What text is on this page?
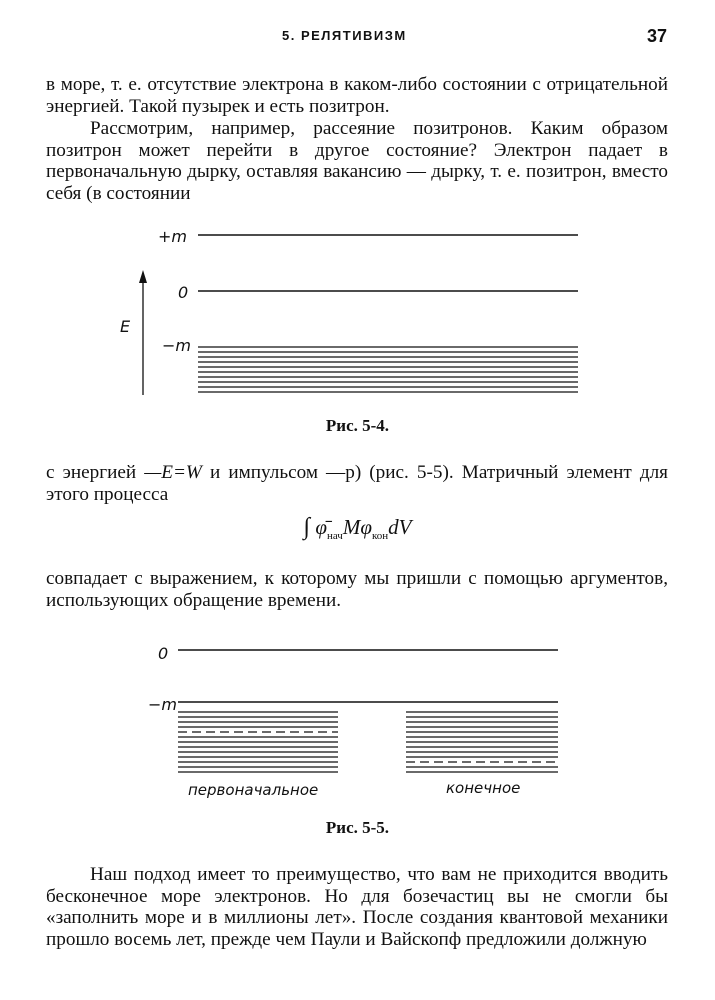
5. РЕЛЯТИВИЗМ	37

в море, т. е. отсутствие электрона в каком-либо состоянии с отрицательной энергией. Такой пузырек и есть позитрон.

Рассмотрим, например, рассеяние позитронов. Каким образом позитрон может перейти в другое состояние? Электрон падает в первоначальную дырку, оставляя вакансию — дырку, т. е. позитрон, вместо себя (в состоянии

+m
0
E
−m
Рис. 5-4.

с энергией —E=W и импульсом —p) (рис. 5-5). Матричный элемент для этого процесса

∫ $\varphī_{нач}M\varphi_{кон}dV$

совпадает с выражением, к которому мы пришли с помощью аргументов, использующих обращение времени.

0
−m
первоначальное	конечное
Рис. 5-5.

Наш подход имеет то преимущество, что вам не приходится вводить бесконечное море электронов. Но для бозечастиц вы не смогли бы «заполнить море и в миллионы лет». После создания квантовой механики прошло восемь лет, прежде чем Паули и Вайскопф предложили должную
